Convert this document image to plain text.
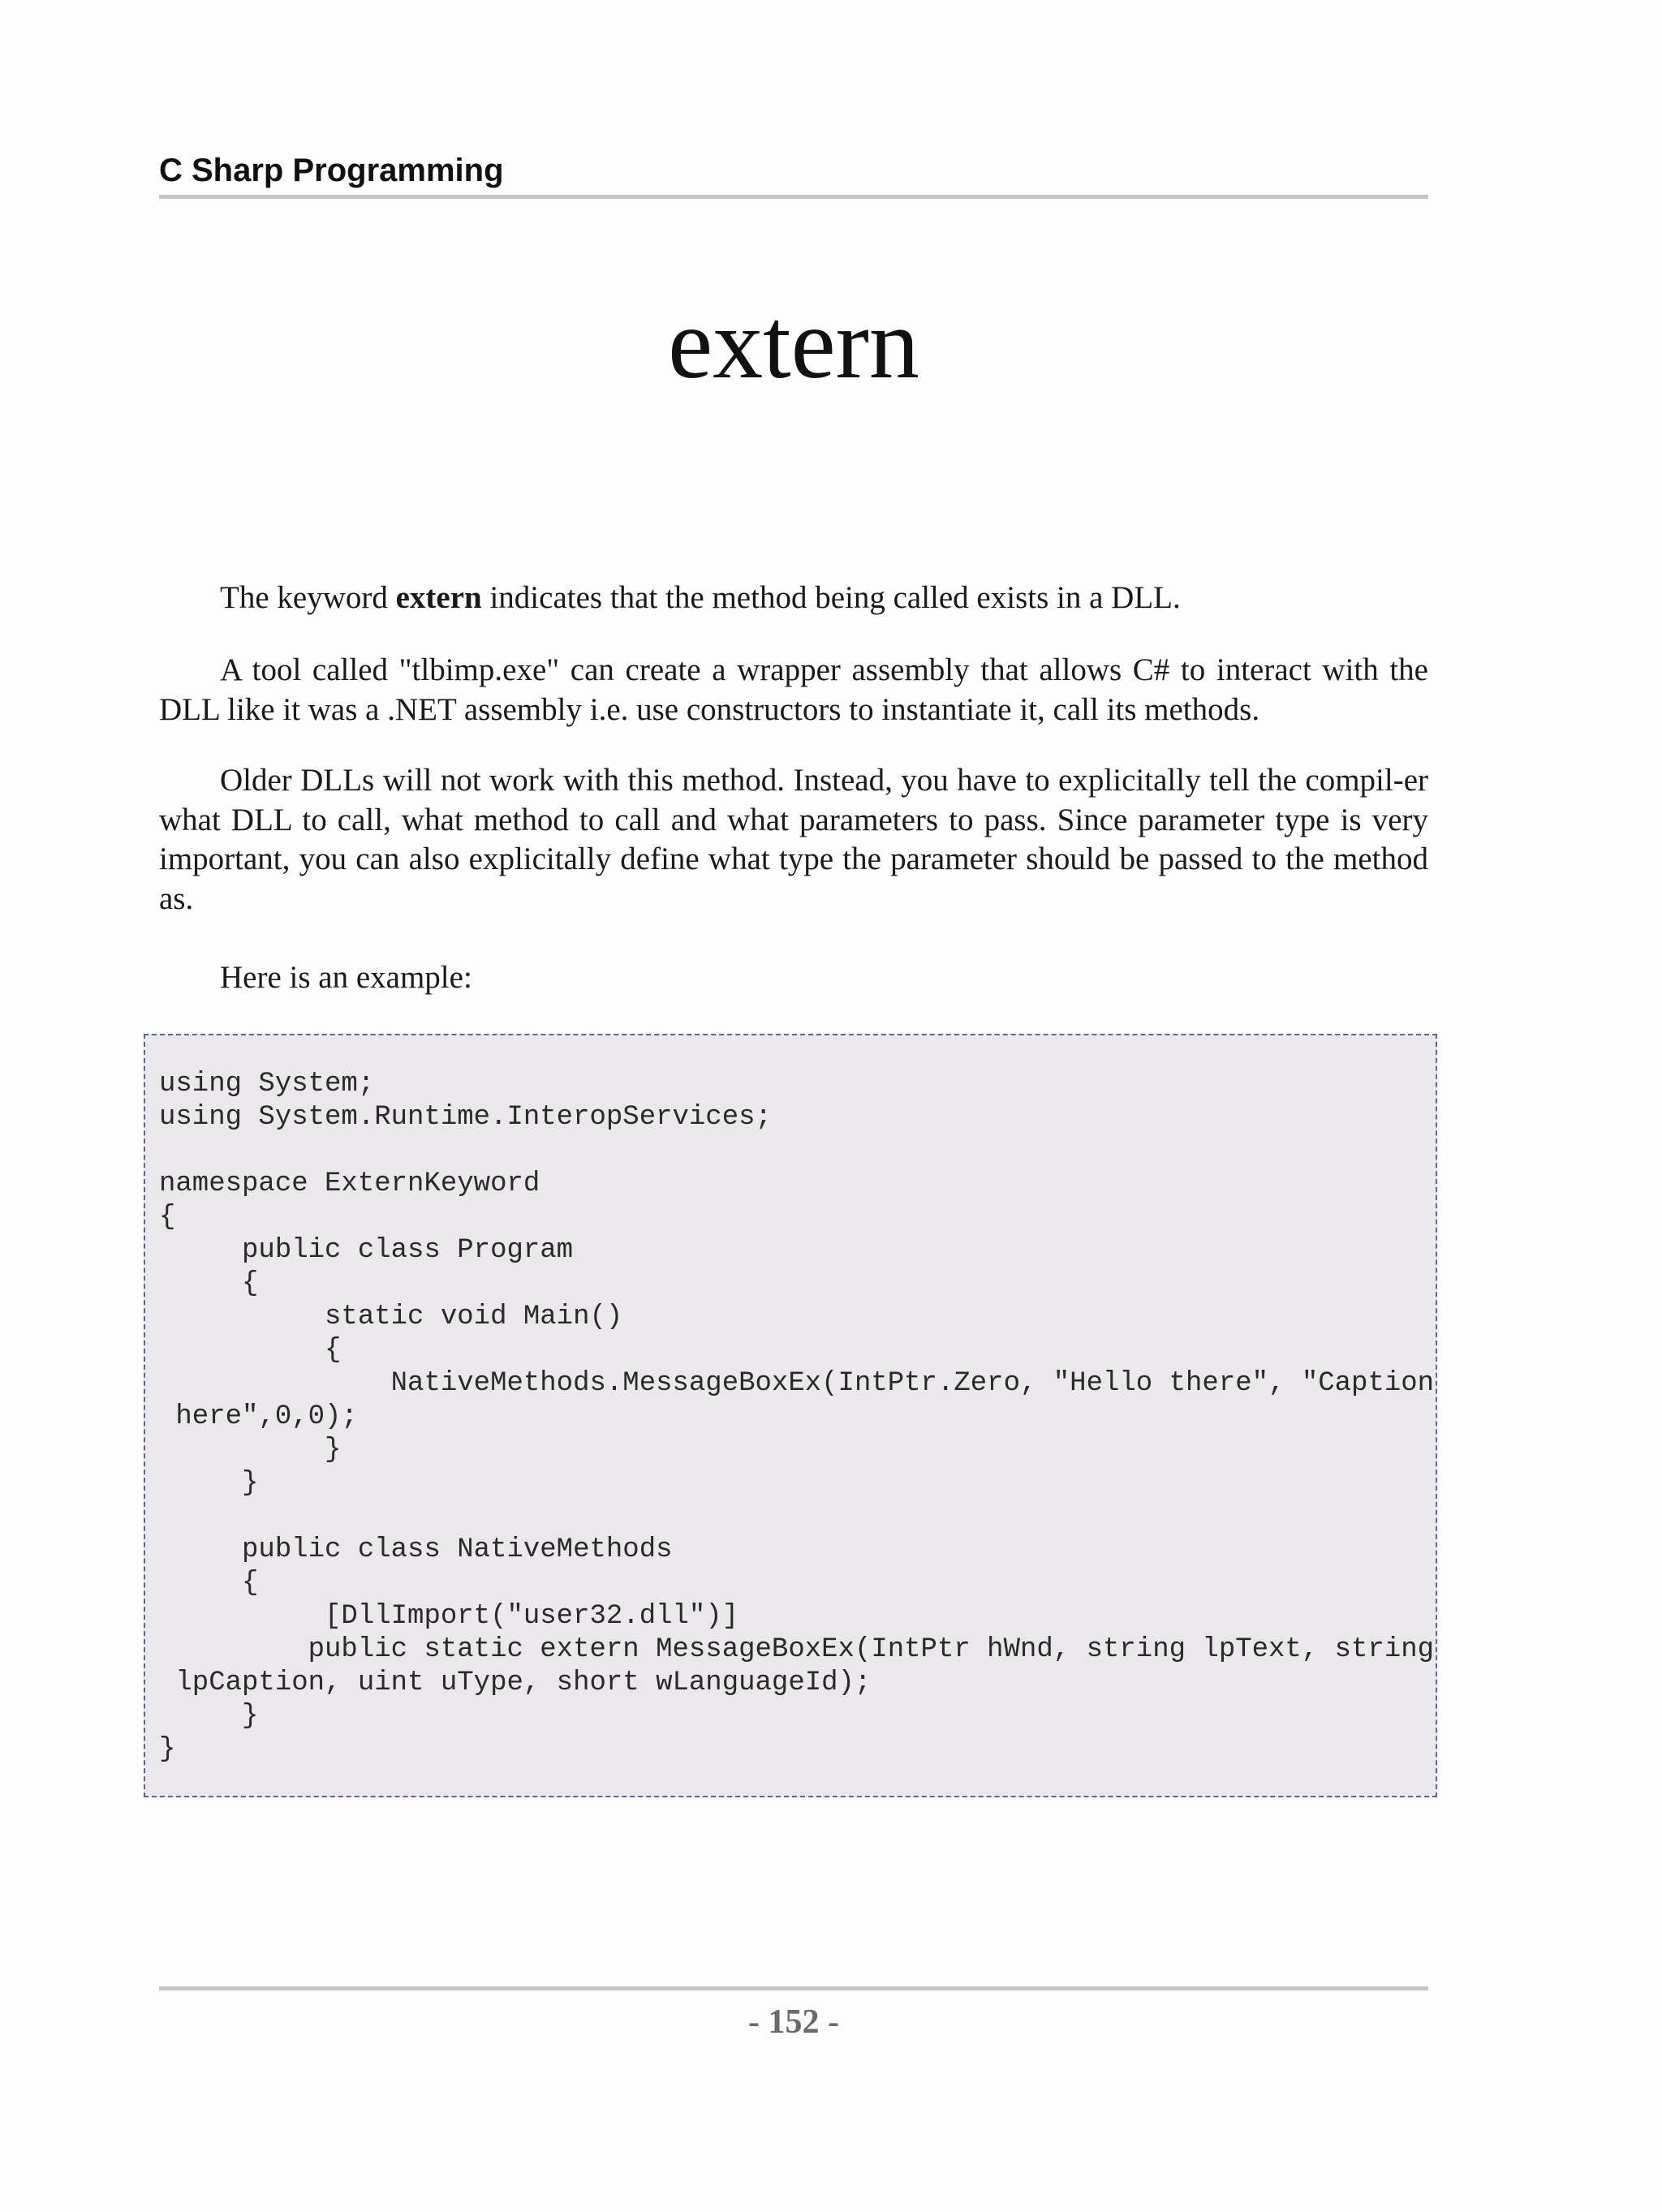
C Sharp Programming
extern

The keyword extern indicates that the method being called exists in a DLL.

A tool called "tlbimp.exe" can create a wrapper assembly that allows C# to interact with the DLL like it was a .NET assembly i.e. use constructors to instantiate it, call its methods.

Older DLLs will not work with this method. Instead, you have to explicitally tell the compil-er what DLL to call, what method to call and what parameters to pass. Since parameter type is very important, you can also explicitally define what type the parameter should be passed to the method as.

Here is an example:

using System;
using System.Runtime.InteropServices;

namespace ExternKeyword
{
public class Program
{
static void Main()
{
NativeMethods.MessageBoxEx(IntPtr.Zero, "Hello there", "Caption
here",0,0);
}
}

public class NativeMethods
{
[DllImport("user32.dll")]
public static extern MessageBoxEx(IntPtr hWnd, string lpText, string
lpCaption, uint uType, short wLanguageId);
}
}
- 152 -
